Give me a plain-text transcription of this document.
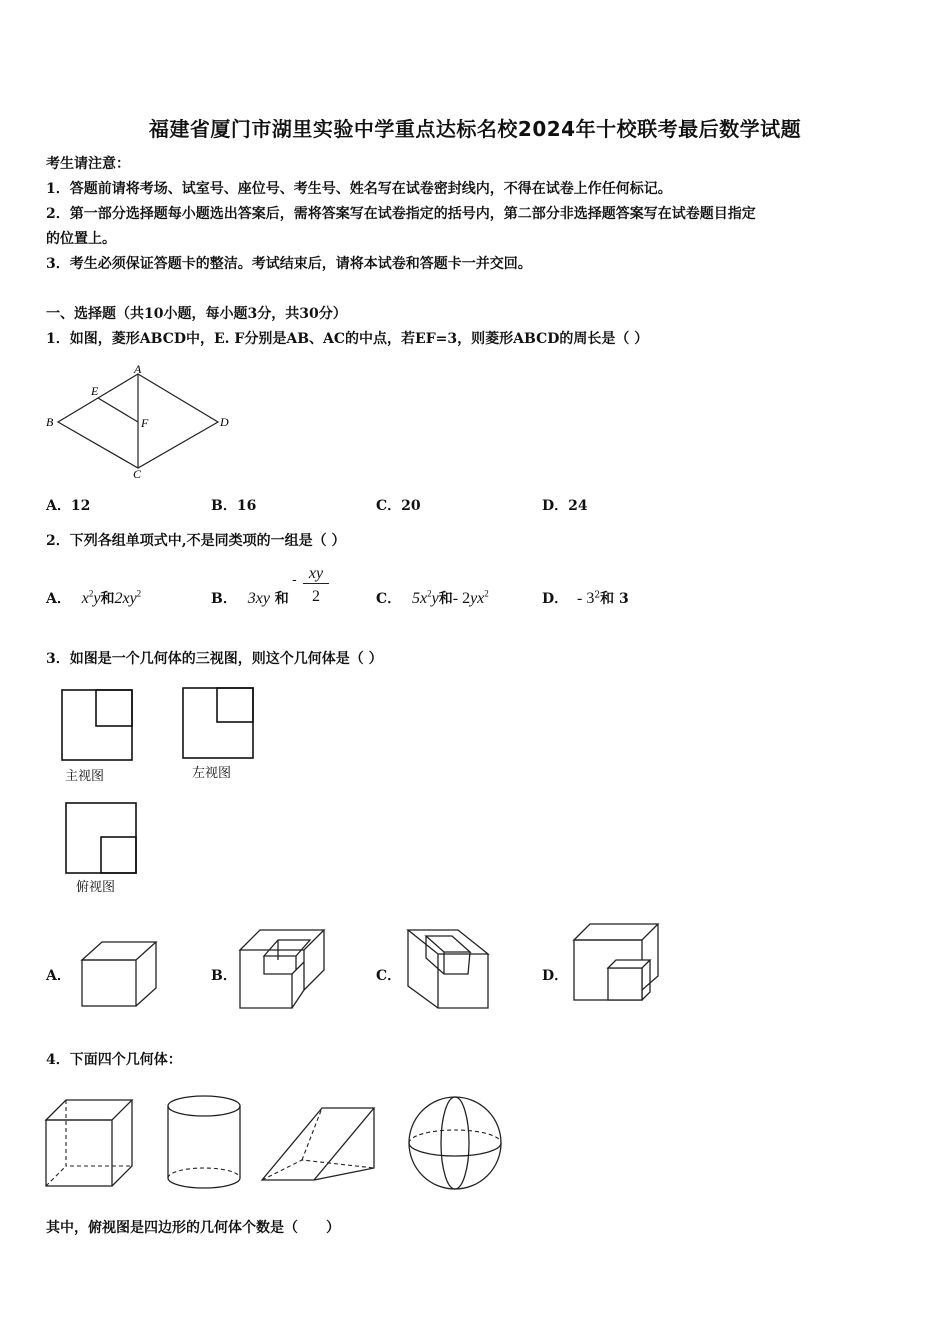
福建省厦门市湖里实验中学重点达标名校2024年十校联考最后数学试题
考生请注意：
1．答题前请将考场、试室号、座位号、考生号、姓名写在试卷密封线内，不得在试卷上作任何标记。
2．第一部分选择题每小题选出答案后，需将答案写在试卷指定的括号内，第二部分非选择题答案写在试卷题目指定
的位置上。
3．考生必须保证答题卡的整洁。考试结束后，请将本试卷和答题卡一并交回。
一、选择题（共10小题，每小题3分，共30分）
1．如图，菱形ABCD中，E. F分别是AB、AC的中点，若EF=3，则菱形ABCD的周长是（ ）
A
B
C
D
E
F
A．12	B．16	C．20	D．24
2．下列各组单项式中,不是同类项的一组是（ ）
A． $x^2y$和$2xy^2$	B． 3xy 和
- xy
2	C． $5x^2y$和- $2yx^2$	D． - $3^2$和 3
3．如图是一个几何体的三视图，则这个几何体是（ ）
主视图	左视图
俯视图
A．	B．	C．	D．
4．下面四个几何体：
其中，俯视图是四边形的几何体个数是（　　）
